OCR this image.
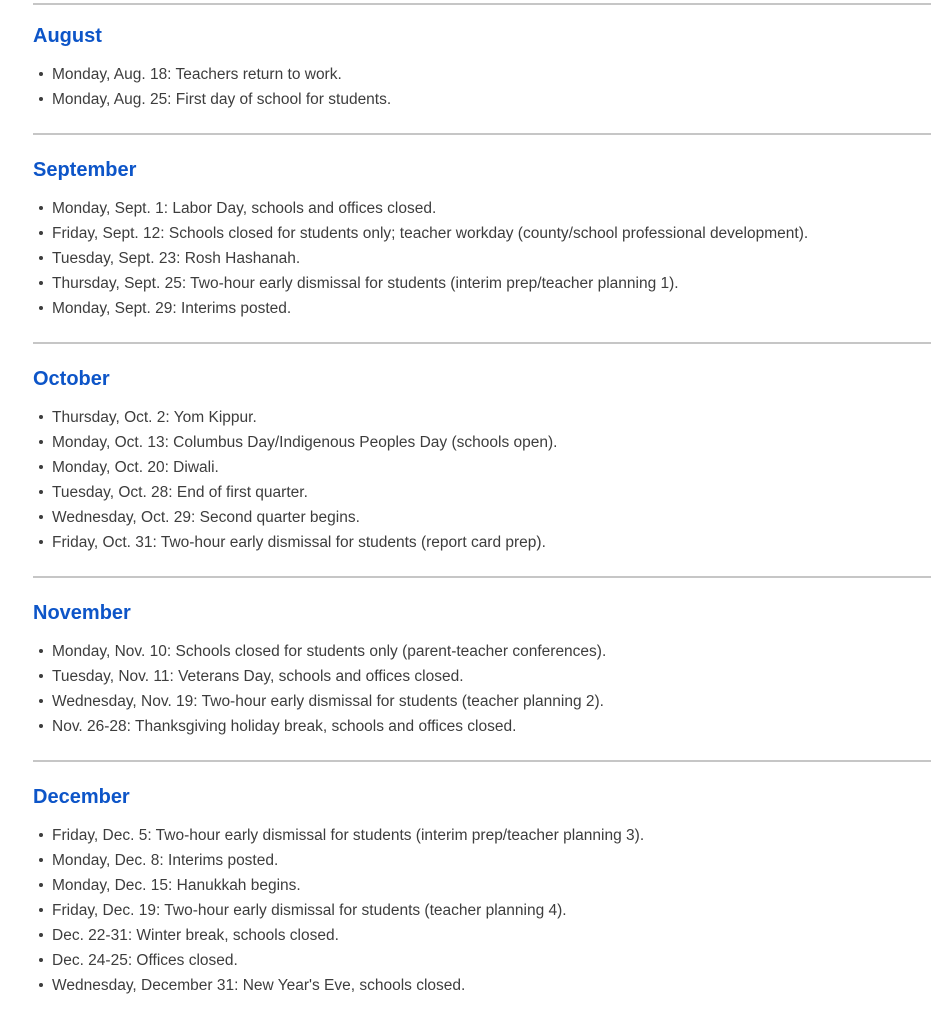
August
Monday, Aug. 18: Teachers return to work.
Monday, Aug. 25: First day of school for students.
September
Monday, Sept. 1: Labor Day, schools and offices closed.
Friday, Sept. 12: Schools closed for students only; teacher workday (county/school professional development).
Tuesday, Sept. 23: Rosh Hashanah.
Thursday, Sept. 25: Two-hour early dismissal for students (interim prep/teacher planning 1).
Monday, Sept. 29: Interims posted.
October
Thursday, Oct. 2: Yom Kippur.
Monday, Oct. 13: Columbus Day/Indigenous Peoples Day (schools open).
Monday, Oct. 20: Diwali.
Tuesday, Oct. 28: End of first quarter.
Wednesday, Oct. 29: Second quarter begins.
Friday, Oct. 31: Two-hour early dismissal for students (report card prep).
November
Monday, Nov. 10: Schools closed for students only (parent-teacher conferences).
Tuesday, Nov. 11: Veterans Day, schools and offices closed.
Wednesday, Nov. 19: Two-hour early dismissal for students (teacher planning 2).
Nov. 26-28: Thanksgiving holiday break, schools and offices closed.
December
Friday, Dec. 5: Two-hour early dismissal for students (interim prep/teacher planning 3).
Monday, Dec. 8: Interims posted.
Monday, Dec. 15: Hanukkah begins.
Friday, Dec. 19: Two-hour early dismissal for students (teacher planning 4).
Dec. 22-31: Winter break, schools closed.
Dec. 24-25: Offices closed.
Wednesday, December 31: New Year's Eve, schools closed.
